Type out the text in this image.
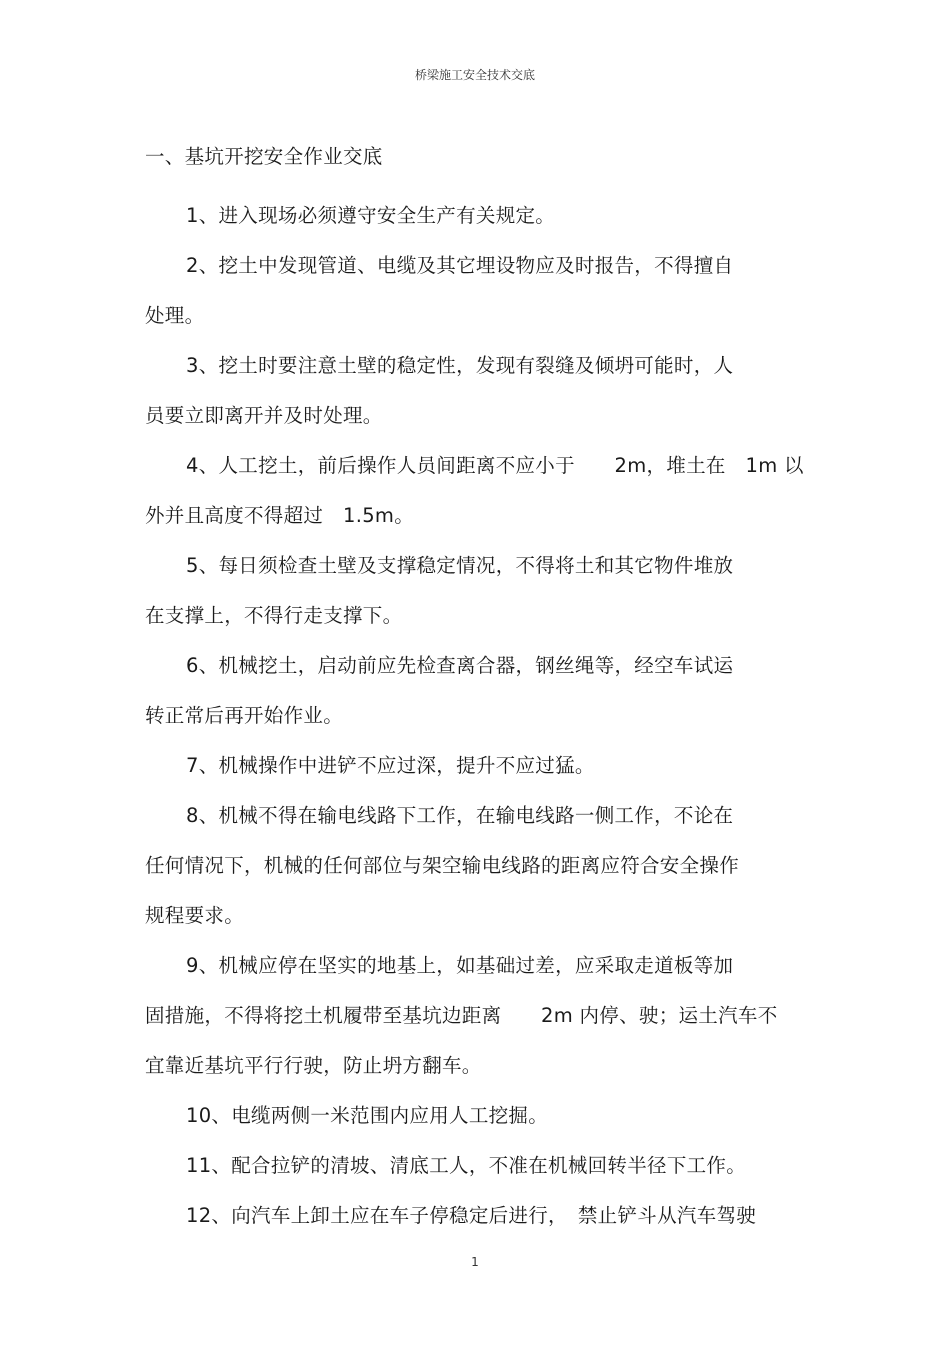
桥梁施工安全技术交底
一、基坑开挖安全作业交底
1、进入现场必须遵守安全生产有关规定。
2、挖土中发现管道、电缆及其它埋设物应及时报告，不得擅自
处理。
3、挖土时要注意土壁的稳定性，发现有裂缝及倾坍可能时，人
员要立即离开并及时处理。
4、人工挖土，前后操作人员间距离不应小于　　2m，堆土在　1m 以
外并且高度不得超过　1.5m。
5、每日须检查土壁及支撑稳定情况，不得将土和其它物件堆放
在支撑上，不得行走支撑下。
6、机械挖土，启动前应先检查离合器，钢丝绳等，经空车试运
转正常后再开始作业。
7、机械操作中进铲不应过深，提升不应过猛。
8、机械不得在输电线路下工作，在输电线路一侧工作，不论在
任何情况下，机械的任何部位与架空输电线路的距离应符合安全操作
规程要求。
9、机械应停在坚实的地基上，如基础过差，应采取走道板等加
固措施，不得将挖土机履带至基坑边距离　　2m 内停、驶；运土汽车不
宜靠近基坑平行行驶，防止坍方翻车。
10、电缆两侧一米范围内应用人工挖掘。
11、配合拉铲的清坡、清底工人，不准在机械回转半径下工作。
12、向汽车上卸土应在车子停稳定后进行，　禁止铲斗从汽车驾驶
1
